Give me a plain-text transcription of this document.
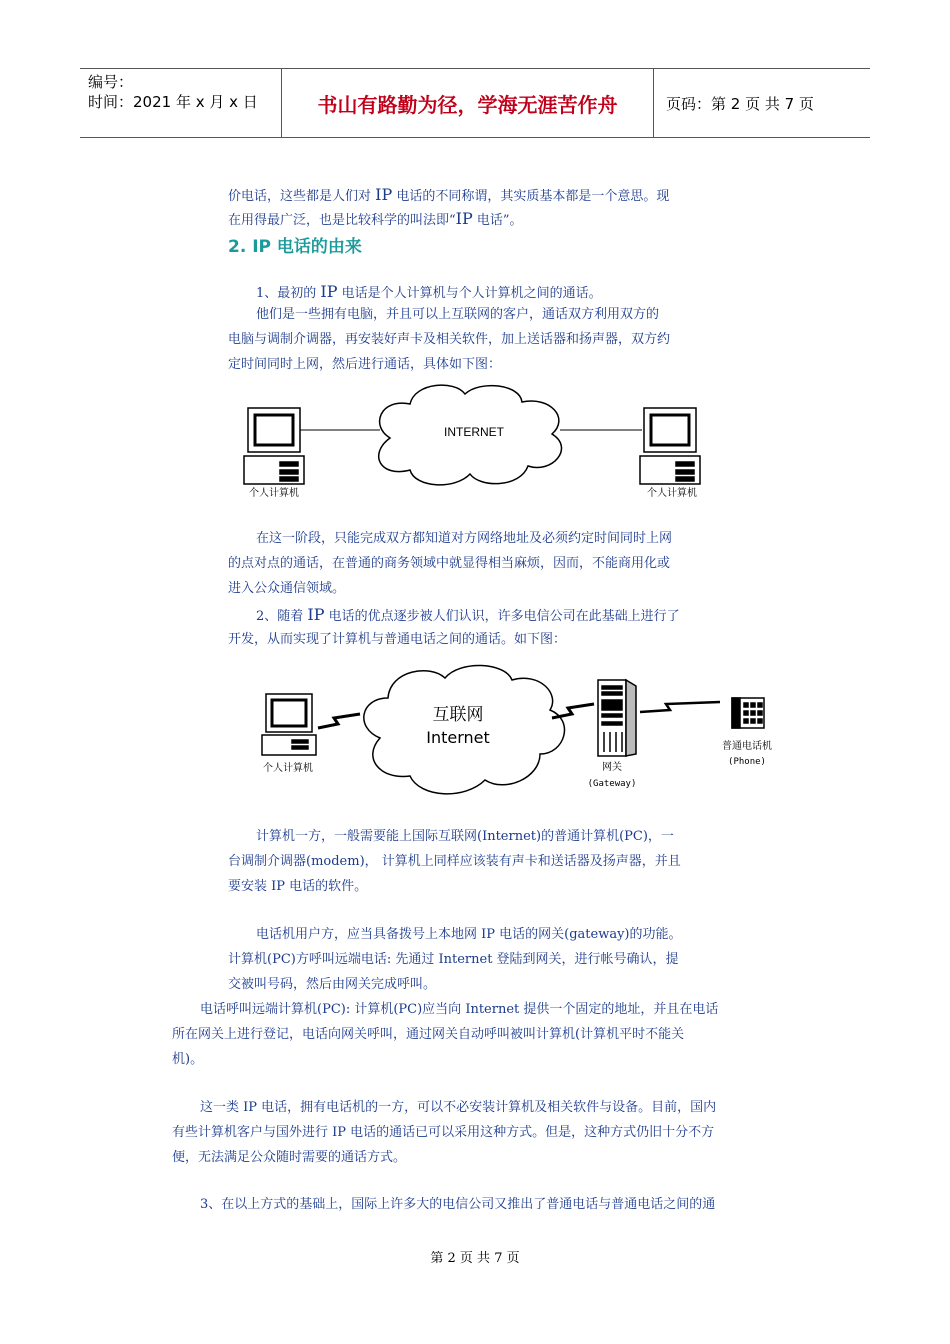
编号：
时间：2021 年 x 月 x 日	书山有路勤为径，学海无涯苦作舟	页码：第 2 页 共 7 页
价电话，这些都是人们对 IP 电话的不同称谓，其实质基本都是一个意思。现
在用得最广泛，也是比较科学的叫法即“IP 电话”。
2. IP 电话的由来
1、最初的 IP 电话是个人计算机与个人计算机之间的通话。
他们是一些拥有电脑，并且可以上互联网的客户，通话双方利用双方的
电脑与调制介调器，再安装好声卡及相关软件，加上送话器和扬声器，双方约
定时间同时上网，然后进行通话，具体如下图：
INTERNET
个人计算机	个人计算机
在这一阶段，只能完成双方都知道对方网络地址及必须约定时间同时上网
的点对点的通话，在普通的商务领域中就显得相当麻烦，因而，不能商用化或
进入公众通信领域。
2、随着 IP 电话的优点逐步被人们认识，许多电信公司在此基础上进行了
开发，从而实现了计算机与普通电话之间的通话。如下图：
个人计算机
互联网
Internet
网关
(Gateway)
普通电话机
(Phone)
计算机一方，一般需要能上国际互联网(Internet)的普通计算机(PC)，一
台调制介调器(modem)， 计算机上同样应该装有声卡和送话器及扬声器，并且
要安装 IP 电话的软件。
电话机用户方，应当具备拨号上本地网 IP 电话的网关(gateway)的功能。
计算机(PC)方呼叫远端电话: 先通过 Internet 登陆到网关，进行帐号确认，提
交被叫号码，然后由网关完成呼叫。
电话呼叫远端计算机(PC): 计算机(PC)应当向 Internet 提供一个固定的地址，并且在电话
所在网关上进行登记，电话向网关呼叫，通过网关自动呼叫被叫计算机(计算机平时不能关
机)。
这一类 IP 电话，拥有电话机的一方，可以不必安装计算机及相关软件与设备。目前，国内
有些计算机客户与国外进行 IP 电话的通话已可以采用这种方式。但是，这种方式仍旧十分不方
便，无法满足公众随时需要的通话方式。
3、在以上方式的基础上，国际上许多大的电信公司又推出了普通电话与普通电话之间的通
第 2 页 共 7 页
